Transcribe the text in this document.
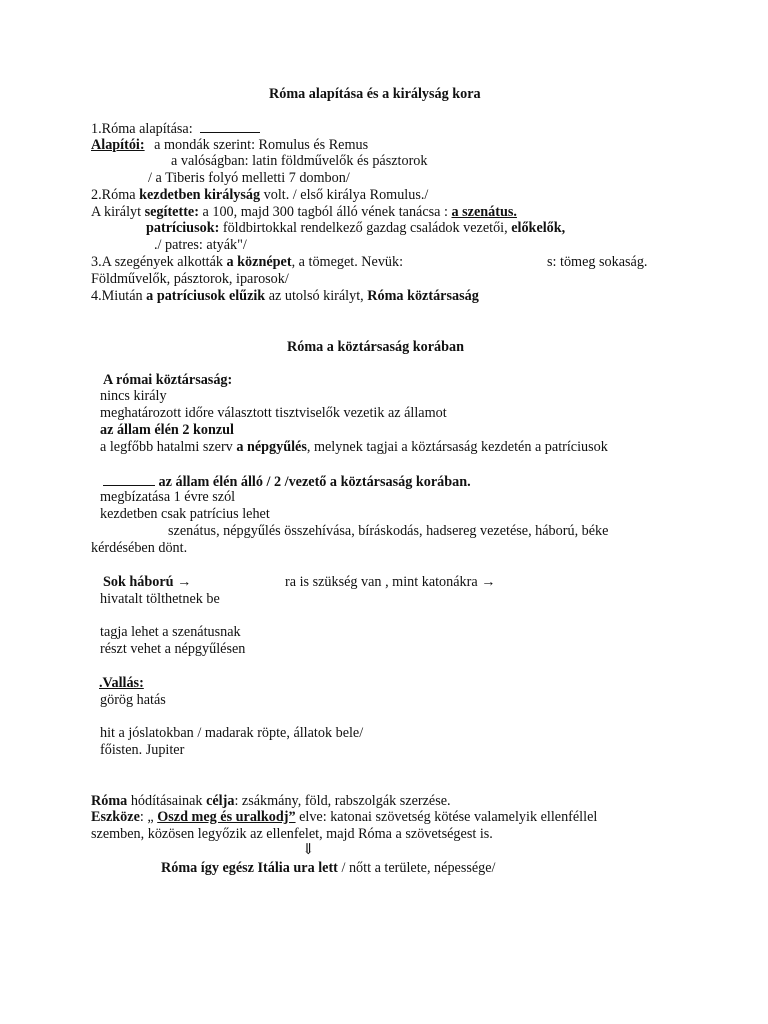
Róma alapítása és a királyság kora
1.Róma alapítása:
Alapítói: a mondák szerint: Romulus és Remus
a valóságban: latin földművelők és pásztorok
/ a Tiberis folyó melletti 7 dombon/
2.Róma kezdetben királyság volt. / első királya Romulus./
A királyt segítette: a 100, majd 300 tagból álló vének tanácsa : a szenátus.
patríciusok: földbirtokkal rendelkező gazdag családok vezetői, előkelők,
./ patres: atyák"/
3.A szegények alkották a köznépet, a tömeget. Nevük:	s: tömeg sokaság.
Földművelők, pásztorok, iparosok/
4.Miután a patríciusok elűzik az utolsó királyt, Róma köztársaság
Róma a köztársaság korában
A római köztársaság:
nincs király
meghatározott időre választott tisztviselők vezetik az államot
az állam élén 2 konzul
a legfőbb hatalmi szerv a népgyűlés, melynek tagjai a köztársaság kezdetén a patríciusok
az állam élén álló / 2 /vezető a köztársaság korában.
megbízatása 1 évre szól
kezdetben csak patrícius lehet
szenátus, népgyűlés összehívása, bíráskodás, hadsereg vezetése, háború, béke
kérdésében dönt.
Sok háború →	ra is szükség van , mint katonákra →
hivatalt tölthetnek be
tagja lehet a szenátusnak
részt vehet a népgyűlésen
.Vallás:
görög hatás
hit a jóslatokban / madarak röpte, állatok bele/
főisten. Jupiter
Róma hódításainak célja: zsákmány, föld, rabszolgák szerzése.
Eszköze: „ Oszd meg és uralkodj” elve: katonai szövetség kötése valamelyik ellenféllel
szemben, közösen legyőzik az ellenfelet, majd Róma a szövetségest is.
⇓
Róma így egész Itália ura lett / nőtt a területe, népessége/
